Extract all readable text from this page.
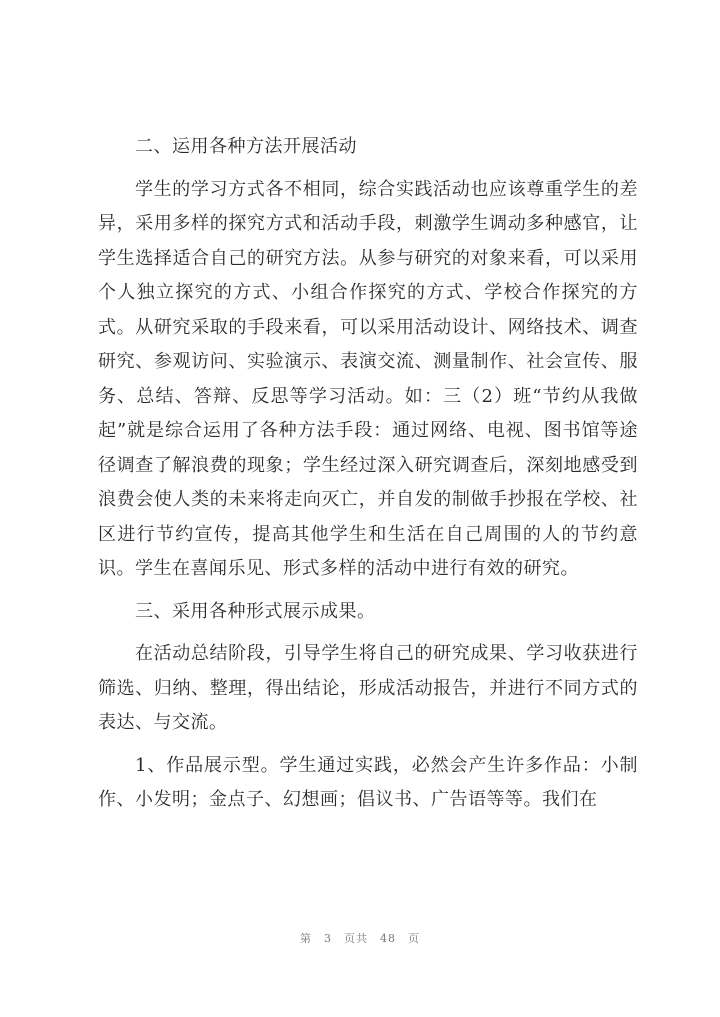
二、运用各种方法开展活动

学生的学习方式各不相同，综合实践活动也应该尊重学生的差异，采用多样的探究方式和活动手段，刺激学生调动多种感官，让学生选择适合自己的研究方法。从参与研究的对象来看，可以采用个人独立探究的方式、小组合作探究的方式、学校合作探究的方式。从研究采取的手段来看，可以采用活动设计、网络技术、调查研究、参观访问、实验演示、表演交流、测量制作、社会宣传、服务、总结、答辩、反思等学习活动。如：三（2）班“节约从我做起”就是综合运用了各种方法手段：通过网络、电视、图书馆等途径调查了解浪费的现象；学生经过深入研究调查后，深刻地感受到浪费会使人类的未来将走向灭亡，并自发的制做手抄报在学校、社区进行节约宣传，提高其他学生和生活在自己周围的人的节约意识。学生在喜闻乐见、形式多样的活动中进行有效的研究。

三、采用各种形式展示成果。

在活动总结阶段，引导学生将自己的研究成果、学习收获进行筛选、归纳、整理，得出结论，形成活动报告，并进行不同方式的表达、与交流。

1、作品展示型。学生通过实践，必然会产生许多作品：小制作、小发明；金点子、幻想画；倡议书、广告语等等。我们在

第 3 页共 48 页
